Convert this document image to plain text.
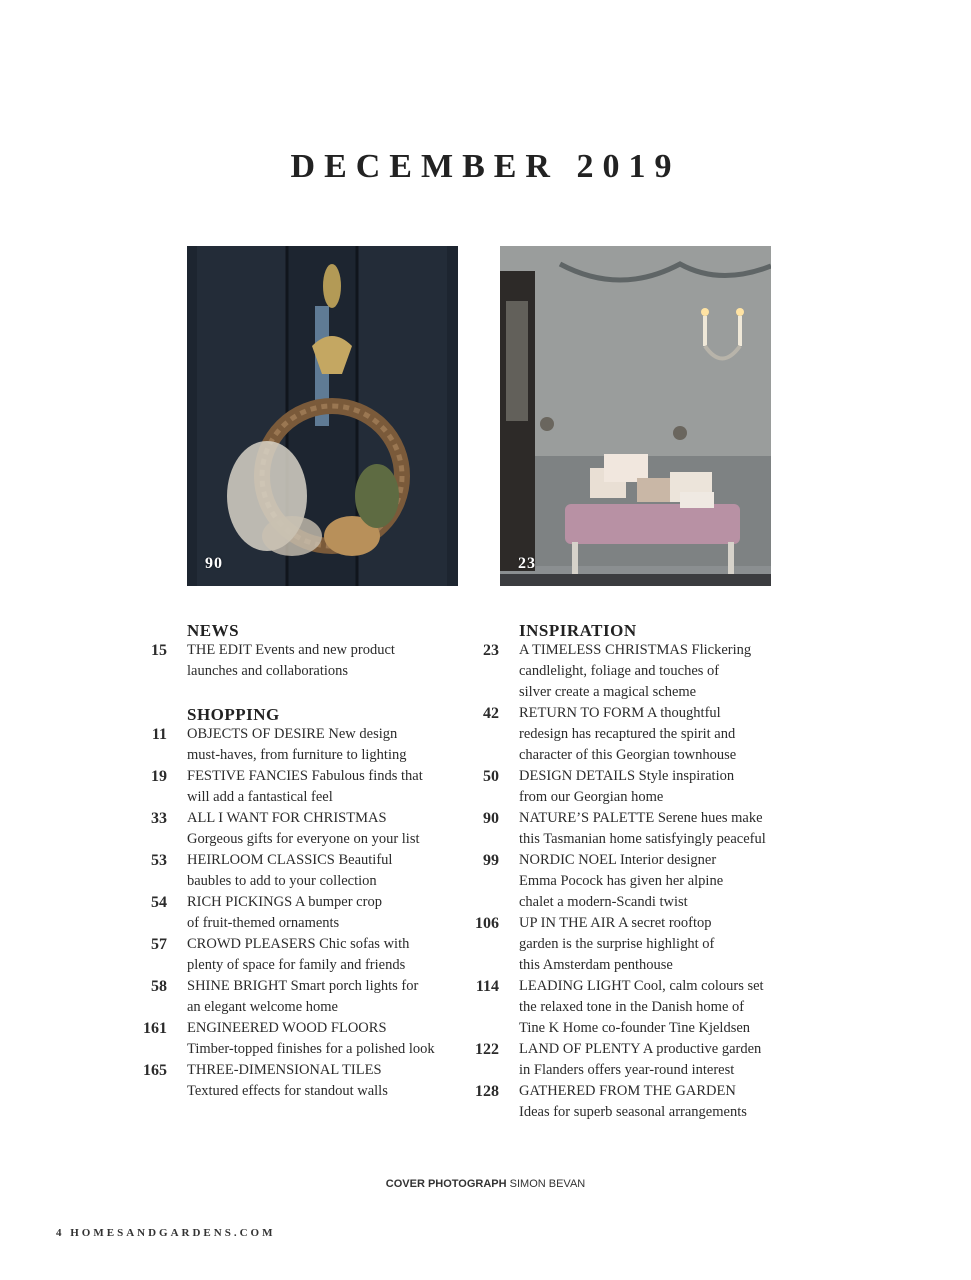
DECEMBER 2019
90	23
NEWS
15	THE EDIT Events and new product
launches and collaborations
SHOPPING
11	OBJECTS OF DESIRE New design
must-haves, from furniture to lighting
19	FESTIVE FANCIES Fabulous finds that
will add a fantastical feel
33	ALL I WANT FOR CHRISTMAS
Gorgeous gifts for everyone on your list
53	HEIRLOOM CLASSICS Beautiful
baubles to add to your collection
54	RICH PICKINGS A bumper crop
of fruit-themed ornaments
57	CROWD PLEASERS Chic sofas with
plenty of space for family and friends
58	SHINE BRIGHT Smart porch lights for
an elegant welcome home
161	ENGINEERED WOOD FLOORS
Timber-topped finishes for a polished look
165	THREE-DIMENSIONAL TILES
Textured effects for standout walls
INSPIRATION
23	A TIMELESS CHRISTMAS Flickering
candlelight, foliage and touches of
silver create a magical scheme
42	RETURN TO FORM A thoughtful
redesign has recaptured the spirit and
character of this Georgian townhouse
50	DESIGN DETAILS Style inspiration
from our Georgian home
90	NATURE’S PALETTE Serene hues make
this Tasmanian home satisfyingly peaceful
99	NORDIC NOEL Interior designer
Emma Pocock has given her alpine
chalet a modern-Scandi twist
106	UP IN THE AIR A secret rooftop
garden is the surprise highlight of
this Amsterdam penthouse
114	LEADING LIGHT Cool, calm colours set
the relaxed tone in the Danish home of
Tine K Home co-founder Tine Kjeldsen
122	LAND OF PLENTY A productive garden
in Flanders offers year-round interest
128	GATHERED FROM THE GARDEN
Ideas for superb seasonal arrangements
COVER PHOTOGRAPH SIMON BEVAN
4 HOMESANDGARDENS.COM
